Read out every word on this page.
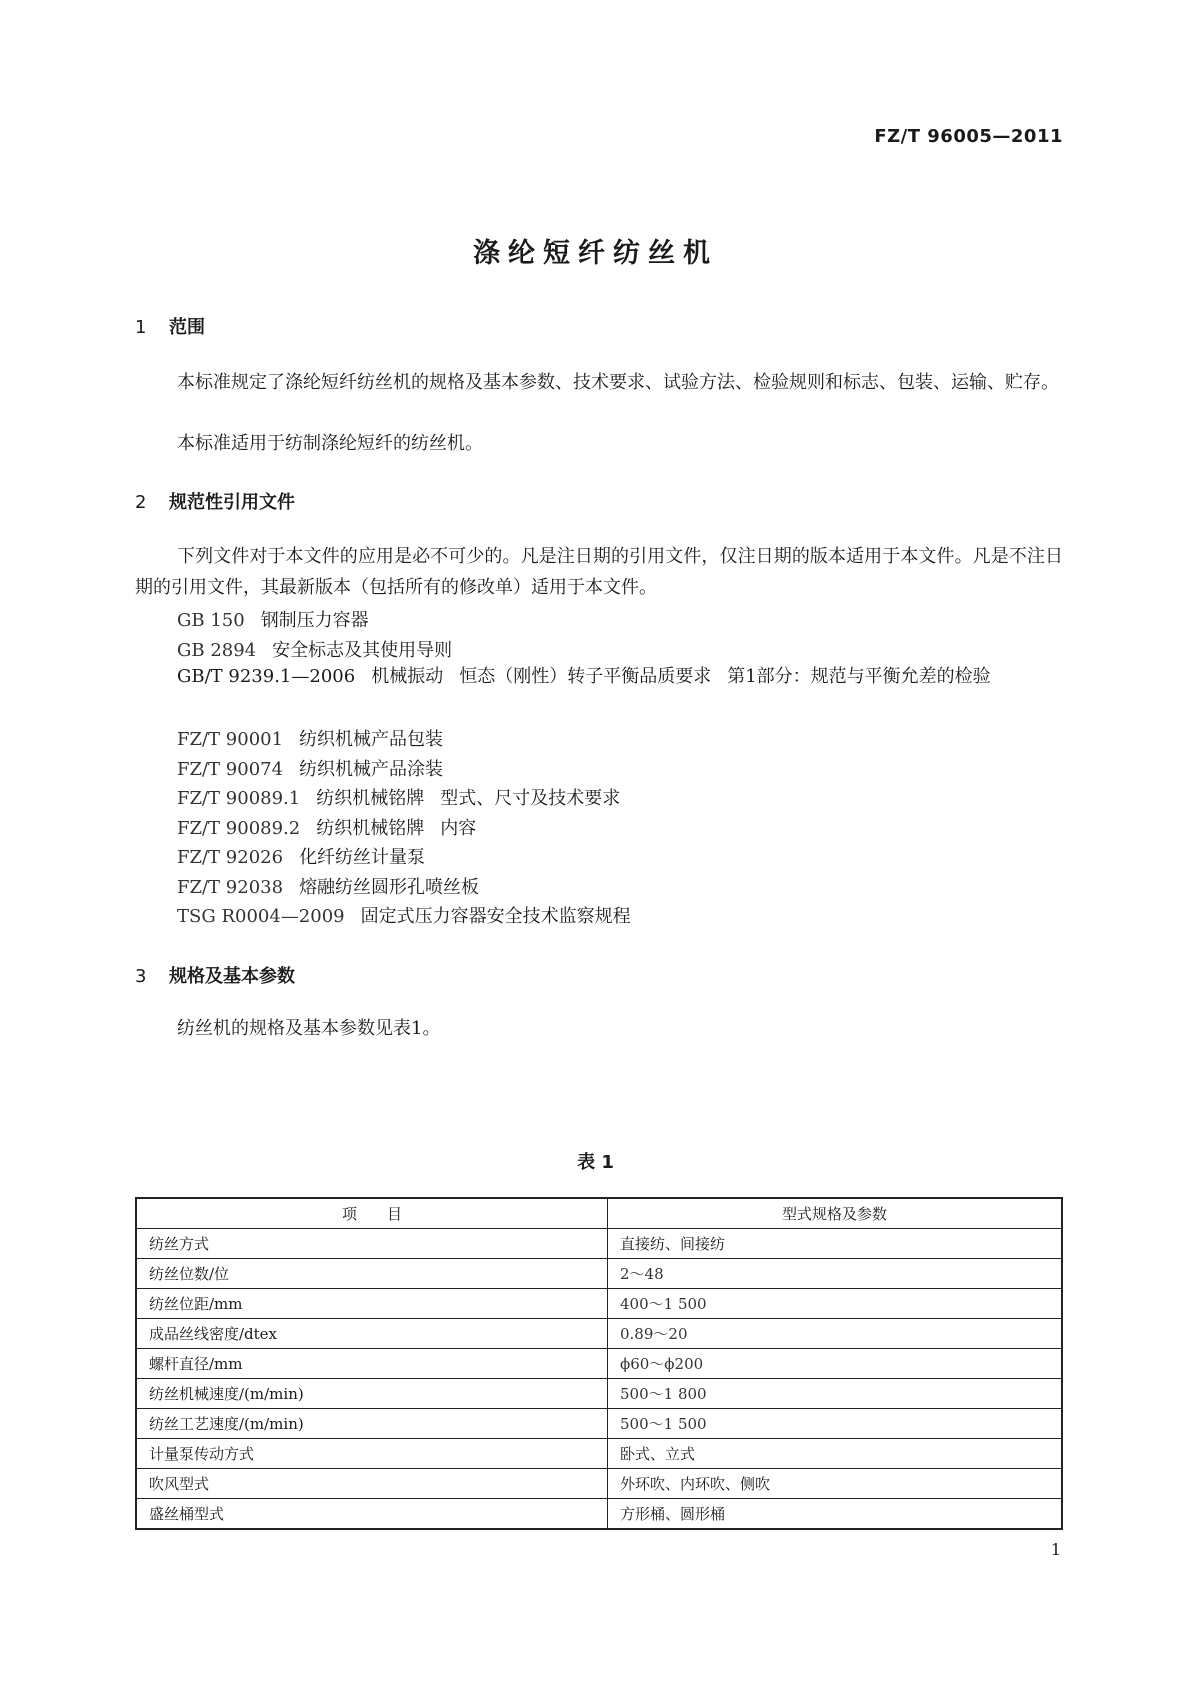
FZ/T 96005—2011
涤纶短纤纺丝机
1 范围

本标准规定了涤纶短纤纺丝机的规格及基本参数、技术要求、试验方法、检验规则和标志、包装、运输、贮存。

本标准适用于纺制涤纶短纤的纺丝机。

2 规范性引用文件

下列文件对于本文件的应用是必不可少的。凡是注日期的引用文件，仅注日期的版本适用于本文件。凡是不注日期的引用文件，其最新版本（包括所有的修改单）适用于本文件。

GB 150 钢制压力容器
GB 2894 安全标志及其使用导则

GB/T 9239.1—2006 机械振动 恒态（刚性）转子平衡品质要求 第1部分：规范与平衡允差的检验

FZ/T 90001 纺织机械产品包装
FZ/T 90074 纺织机械产品涂装
FZ/T 90089.1 纺织机械铭牌 型式、尺寸及技术要求
FZ/T 90089.2 纺织机械铭牌 内容
FZ/T 92026 化纤纺丝计量泵
FZ/T 92038 熔融纺丝圆形孔喷丝板
TSG R0004—2009 固定式压力容器安全技术监察规程
3 规格及基本参数

纺丝机的规格及基本参数见表1。

表 1
项　　目	型式规格及参数
纺丝方式	直接纺、间接纺
纺丝位数/位	2～48
纺丝位距/mm	400～1 500
成品丝线密度/dtex	0.89～20
螺杆直径/mm	ϕ60～ϕ200
纺丝机械速度/(m/min)	500～1 800
纺丝工艺速度/(m/min)	500～1 500
计量泵传动方式	卧式、立式
吹风型式	外环吹、内环吹、侧吹
盛丝桶型式	方形桶、圆形桶
1
